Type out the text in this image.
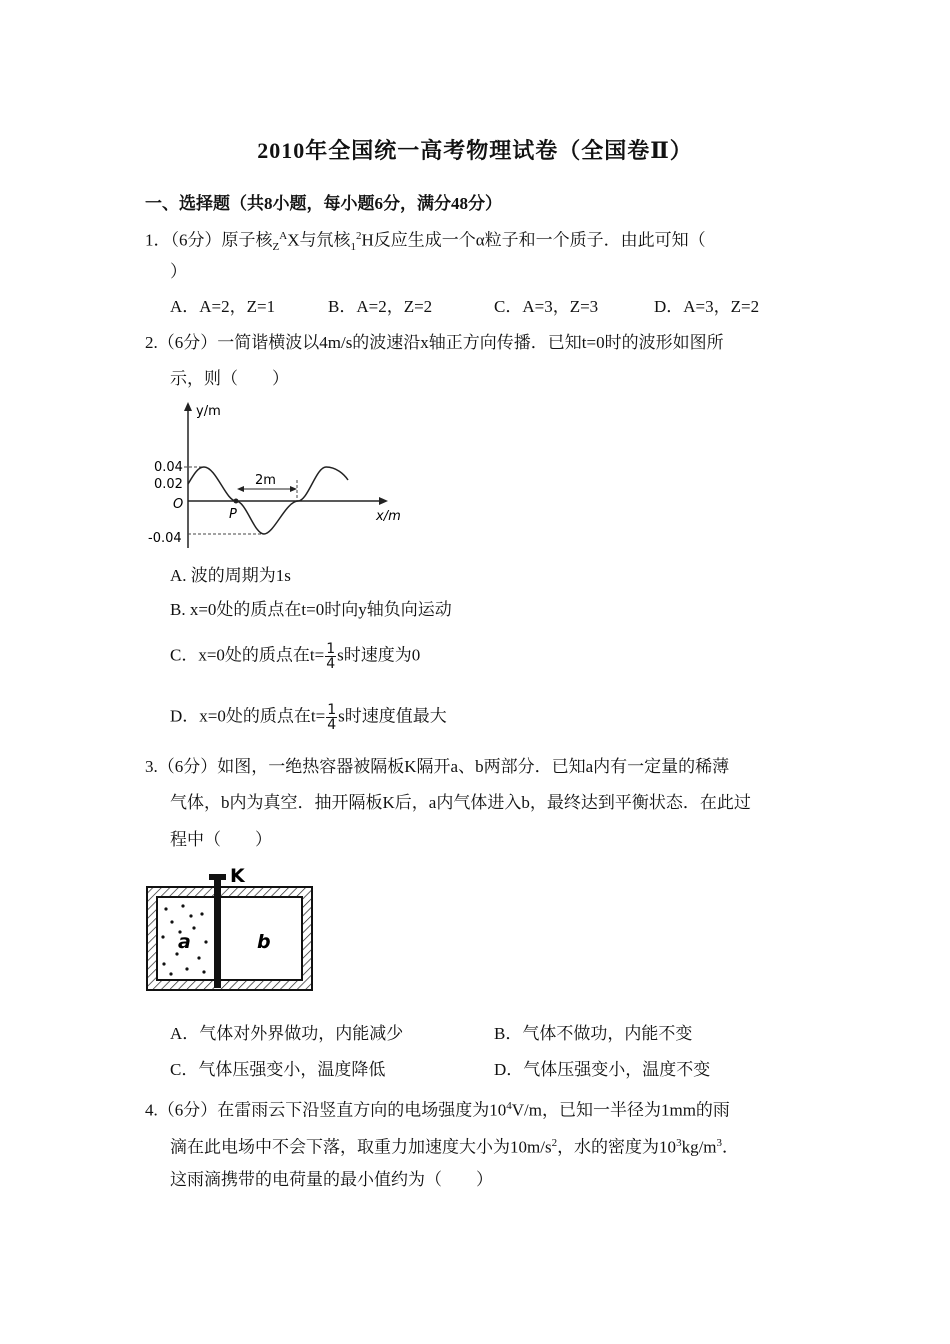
2010年全国统一高考物理试卷（全国卷Ⅱ）
一、选择题（共8小题，每小题6分，满分48分）
1．（6分）原子核$_Z^A$X与氘核$_1^2$H反应生成一个α粒子和一个质子．由此可知（
）
A．A=2，Z=1	B．A=2，Z=2	C．A=3，Z=3	D．A=3，Z=2
2.（6分）一简谐横波以4m/s的波速沿x轴正方向传播．已知t=0时的波形如图所
示，则（　　）
y/m
x/m
0.04
0.02
O
-0.04
P
2m
A. 波的周期为1s
B. x=0处的质点在t=0时向y轴负向运动
C．x=0处的质点在$t= \frac{1}{4}$ s时速度为0
D．x=0处的质点在$t= \frac{1}{4}$ s时速度值最大
3.（6分）如图，一绝热容器被隔板K隔开a、b两部分．已知a内有一定量的稀薄
气体，b内为真空．抽开隔板K后，a内气体进入b，最终达到平衡状态．在此过
程中（　　）
K
a	b
A．气体对外界做功，内能减少	B．气体不做功，内能不变
C．气体压强变小，温度降低	D．气体压强变小，温度不变
4.（6分）在雷雨云下沿竖直方向的电场强度为$10^4V/m$，已知一半径为1mm的雨
滴在此电场中不会下落，取重力加速度大小为$10m/s^2$，水的密度为$10^3kg/m^3$．
这雨滴携带的电荷量的最小值约为（　　）
